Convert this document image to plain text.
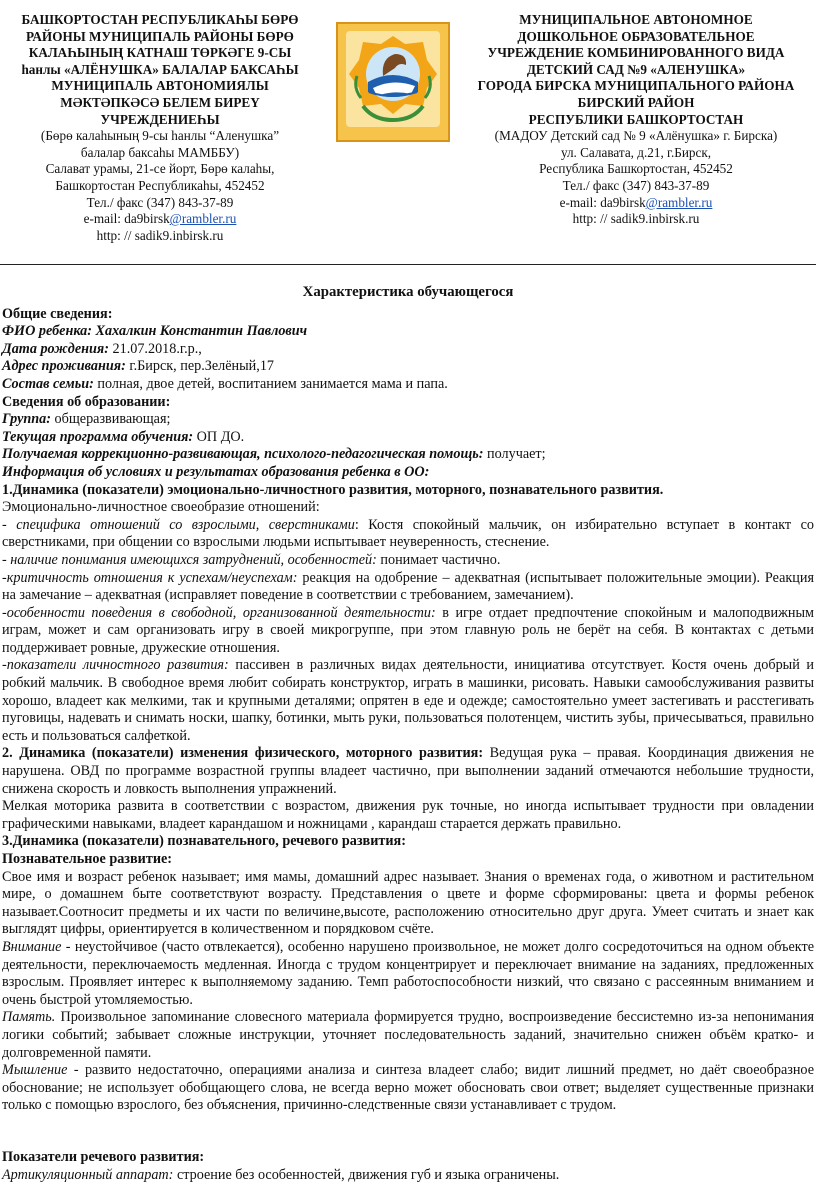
БАШКОРТОСТАН РЕСПУБЛИКАҺЫ БӨРӨ
РАЙОНЫ МУНИЦИПАЛЬ РАЙОНЫ БӨРӨ
КАЛАҺЫНЫҢ КАТНАШ ТӨРКӘГЕ 9-СЫ
һанлы «АЛЁНУШКА» БАЛАЛАР БАКСАҺЫ
МУНИЦИПАЛЬ АВТОНОМИЯЛЫ
МӘКТӘПКӘСӘ БЕЛЕМ БИРЕҮ
УЧРЕЖДЕНИЕҺЫ
(Бөрө калаһының 9-сы һанлы “Аленушка”
балалар баксаһы МАМББУ)
Салават урамы, 21-се йорт, Бөрө калаһы,
Башкортостан Республикаһы, 452452
Тел./ факс (347) 843-37-89
e-mail: da9birsk@rambler.ru
http: // sadik9.inbirsk.ru
МУНИЦИПАЛЬНОЕ АВТОНОМНОЕ
ДОШКОЛЬНОЕ ОБРАЗОВАТЕЛЬНОЕ
УЧРЕЖДЕНИЕ КОМБИНИРОВАННОГО ВИДА
ДЕТСКИЙ САД №9 «АЛЕНУШКА»
ГОРОДА БИРСКА МУНИЦИПАЛЬНОГО РАЙОНА
БИРСКИЙ РАЙОН
РЕСПУБЛИКИ БАШКОРТОСТАН
(МАДОУ Детский сад № 9 «Алёнушка» г. Бирска)
ул. Салавата, д.21, г.Бирск,
Республика Башкортостан, 452452
Тел./ факс (347) 843-37-89
e-mail: da9birsk@rambler.ru
http: // sadik9.inbirsk.ru

Характеристика обучающегося

Общие сведения:

ФИО ребенка: Хахалкин Константин Павлович

Дата рождения: 21.07.2018.г.р.,

Адрес проживания: г.Бирск, пер.Зелёный,17

Состав семьи: полная, двое детей, воспитанием занимается мама и папа.

Сведения об образовании:

Группа: общеразвивающая;

Текущая программа обучения: ОП ДО.

Получаемая коррекционно-развивающая, психолого-педагогическая помощь: получает;

Информация об условиях и результатах образования ребенка в ОО:

1.Динамика (показатели) эмоционально-личностного развития, моторного, познавательного развития.

Эмоционально-личностное своеобразие отношений:

- специфика отношений со взрослыми, сверстниками: Костя спокойный мальчик, он избирательно вступает в контакт со сверстниками, при общении со взрослыми людьми испытывает неуверенность, стеснение.

- наличие понимания имеющихся затруднений, особенностей: понимает частично.

-критичность отношения к успехам/неуспехам: реакция на одобрение – адекватная (испытывает положительные эмоции). Реакция на замечание – адекватная (исправляет поведение в соответствии с требованием, замечанием).

-особенности поведения в свободной, организованной деятельности: в игре отдает предпочтение спокойным и малоподвижным играм, может и сам организовать игру в своей микрогруппе, при этом главную роль не берёт на себя. В контактах с детьми поддерживает ровные, дружеские отношения.

-показатели личностного развития: пассивен в различных видах деятельности, инициатива отсутствует. Костя очень добрый и робкий мальчик. В свободное время любит собирать конструктор, играть в машинки, рисовать. Навыки самообслуживания развиты хорошо, владеет как мелкими, так и крупными деталями; опрятен в еде и одежде; самостоятельно умеет застегивать и расстегивать пуговицы, надевать и снимать носки, шапку, ботинки, мыть руки, пользоваться полотенцем, чистить зубы, причесываться, правильно есть и пользоваться салфеткой.

2. Динамика (показатели) изменения физического, моторного развития: Ведущая рука – правая. Координация движения не нарушена. ОВД по программе возрастной группы владеет частично, при выполнении заданий отмечаются небольшие трудности, снижена скорость и ловкость выполнения упражнений.

Мелкая моторика развита в соответствии с возрастом, движения рук точные, но иногда испытывает трудности при овладении графическими навыками, владеет карандашом и ножницами , карандаш старается держать правильно.

3.Динамика (показатели) познавательного, речевого развития:

Познавательное развитие:

Свое имя и возраст ребенок называет; имя мамы, домашний адрес называет. Знания о временах года, о животном и растительном мире, о домашнем быте соответствуют возрасту. Представления о цвете и форме сформированы: цвета и формы ребенок называет.Соотносит предметы и их части по величине,высоте, расположению относительно друг друга. Умеет считать и знает как выглядят цифры, ориентируется в количественном и порядковом счёте.

Внимание - неустойчивое (часто отвлекается), особенно нарушено произвольное, не может долго сосредоточиться на одном объекте деятельности, переключаемость медленная. Иногда с трудом концентрирует и переключает внимание на заданиях, предложенных взрослым. Проявляет интерес к выполняемому заданию. Темп работоспособности низкий, что связано с рассеянным вниманием и очень быстрой утомляемостью.

Память. Произвольное запоминание словесного материала формируется трудно, воспроизведение бессистемно из-за непонимания логики событий; забывает сложные инструкции, уточняет последовательность заданий, значительно снижен объём кратко- и долговременной памяти.

Мышление - развито недостаточно, операциями анализа и синтеза владеет слабо; видит лишний предмет, но даёт своеобразное обоснование; не использует обобщающего слова, не всегда верно может обосновать свои ответ; выделяет существенные признаки только с помощью взрослого, без объяснения, причинно-следственные связи устанавливает с трудом.

Показатели речевого развития:

Артикуляционный аппарат: строение без особенностей, движения губ и языка ограничены.
